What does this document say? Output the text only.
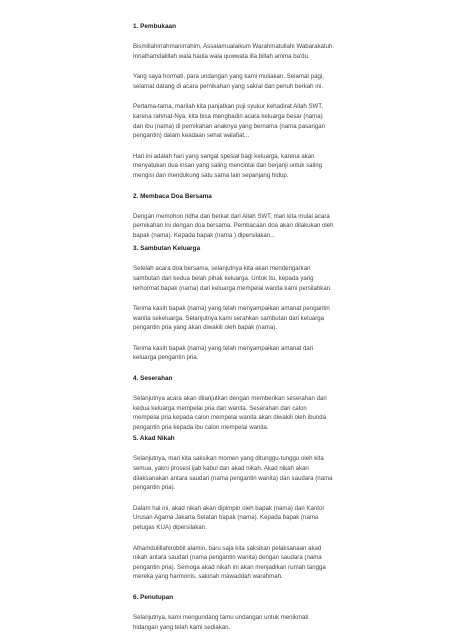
1. Pembukaan

Bismillahirrahmanirrahim, Assalamualaikum Warahmatullahi Wabarakatuh.
Innalhamdalillah wala haula wala quwwata illa billah amma ba'du.

Yang saya hormati, para undangan yang kami muliakan. Selamat pagi,
selamat datang di acara pernikahan yang sakral dan penuh berkah ini.

Pertama-tama, marilah kita panjatkan puji syukur kehadirat Allah SWT,
karena rahmat-Nya, kita bisa menghadiri acara keluarga besar (nama)
dan ibu (nama) di pernikahan anaknya yang bernama (nama pasangan
pengantin) dalam keadaan sehat walafiat...

Hari ini adalah hari yang sangat spesial bagi keluarga, karena akan
menyatukan dua insan yang saling mencintai dan berjanji untuk saling
mengisi dan mendukung satu sama lain sepanjang hidup.

2. Membaca Doa Bersama

Dengan memohon ridha dan berkat dari Allah SWT, mari kita mulai acara
pernikahan ini dengan doa bersama. Pembacaan doa akan dilakukan oleh
bapak (nama). Kepada bapak (nama ) dipersilakan...

3. Sambutan Keluarga

Setelah acara doa bersama, selanjutnya kita akan mendengarkan
sambutan dari kedua belah pihak keluarga. Untuk itu, kepada yang
terhormat bapak (nama) dari keluarga mempelai wanita kami persilahkan.

Terima kasih bapak (nama) yang telah menyampaikan amanat pengantin
wanita sekeluarga. Selanjutnya kami serahkan sambutan dari keluarga
pengantin pria yang akan diwakili oleh bapak (nama).

Terima kasih bapak (nama) yang telah menyampaikan amanat dari
keluarga pengantin pria.

4. Seserahan

Selanjutnya acara akan dilanjutkan dengan memberikan seserahan dari
kedua keluarga mempelai pria dan wanita. Seserahan dari calon
mempelai pria kepada calon mempelai wanita akan diwakili oleh ibunda
pengantin pria kepada ibu calon mempelai wanita.

5. Akad Nikah

Selanjutnya, mari kita saksikan momen yang ditunggu-tunggu oleh kita
semua, yakni prosesi ijab kabul dan akad nikah. Akad nikah akan
dilaksanakan antara saudari (nama pengantin wanita) dan saudara (nama
pengantin pria).

Dalam hal ini, akad nikah akan dipimpin oleh bapak (nama) dari Kantor
Urusan Agama Jakarta Selatan bapak (nama). Kepada bapak (nama
petugas KUA) dipersilakan.

Alhamdulillahirobbil alamin, baru saja kita saksikan pelaksanaan akad
nikah antara saudari (nama pengantin wanita) dengan saudara (nama
pengantin pria). Semoga akad nikah ini akan menjadikan rumah tangga
mereka yang harmonis, sakinah mawaddah warahmah.

6. Penutupan

Selanjutnya, kami mengundang tamu undangan untuk menikmati
hidangan yang telah kami sediakan.
